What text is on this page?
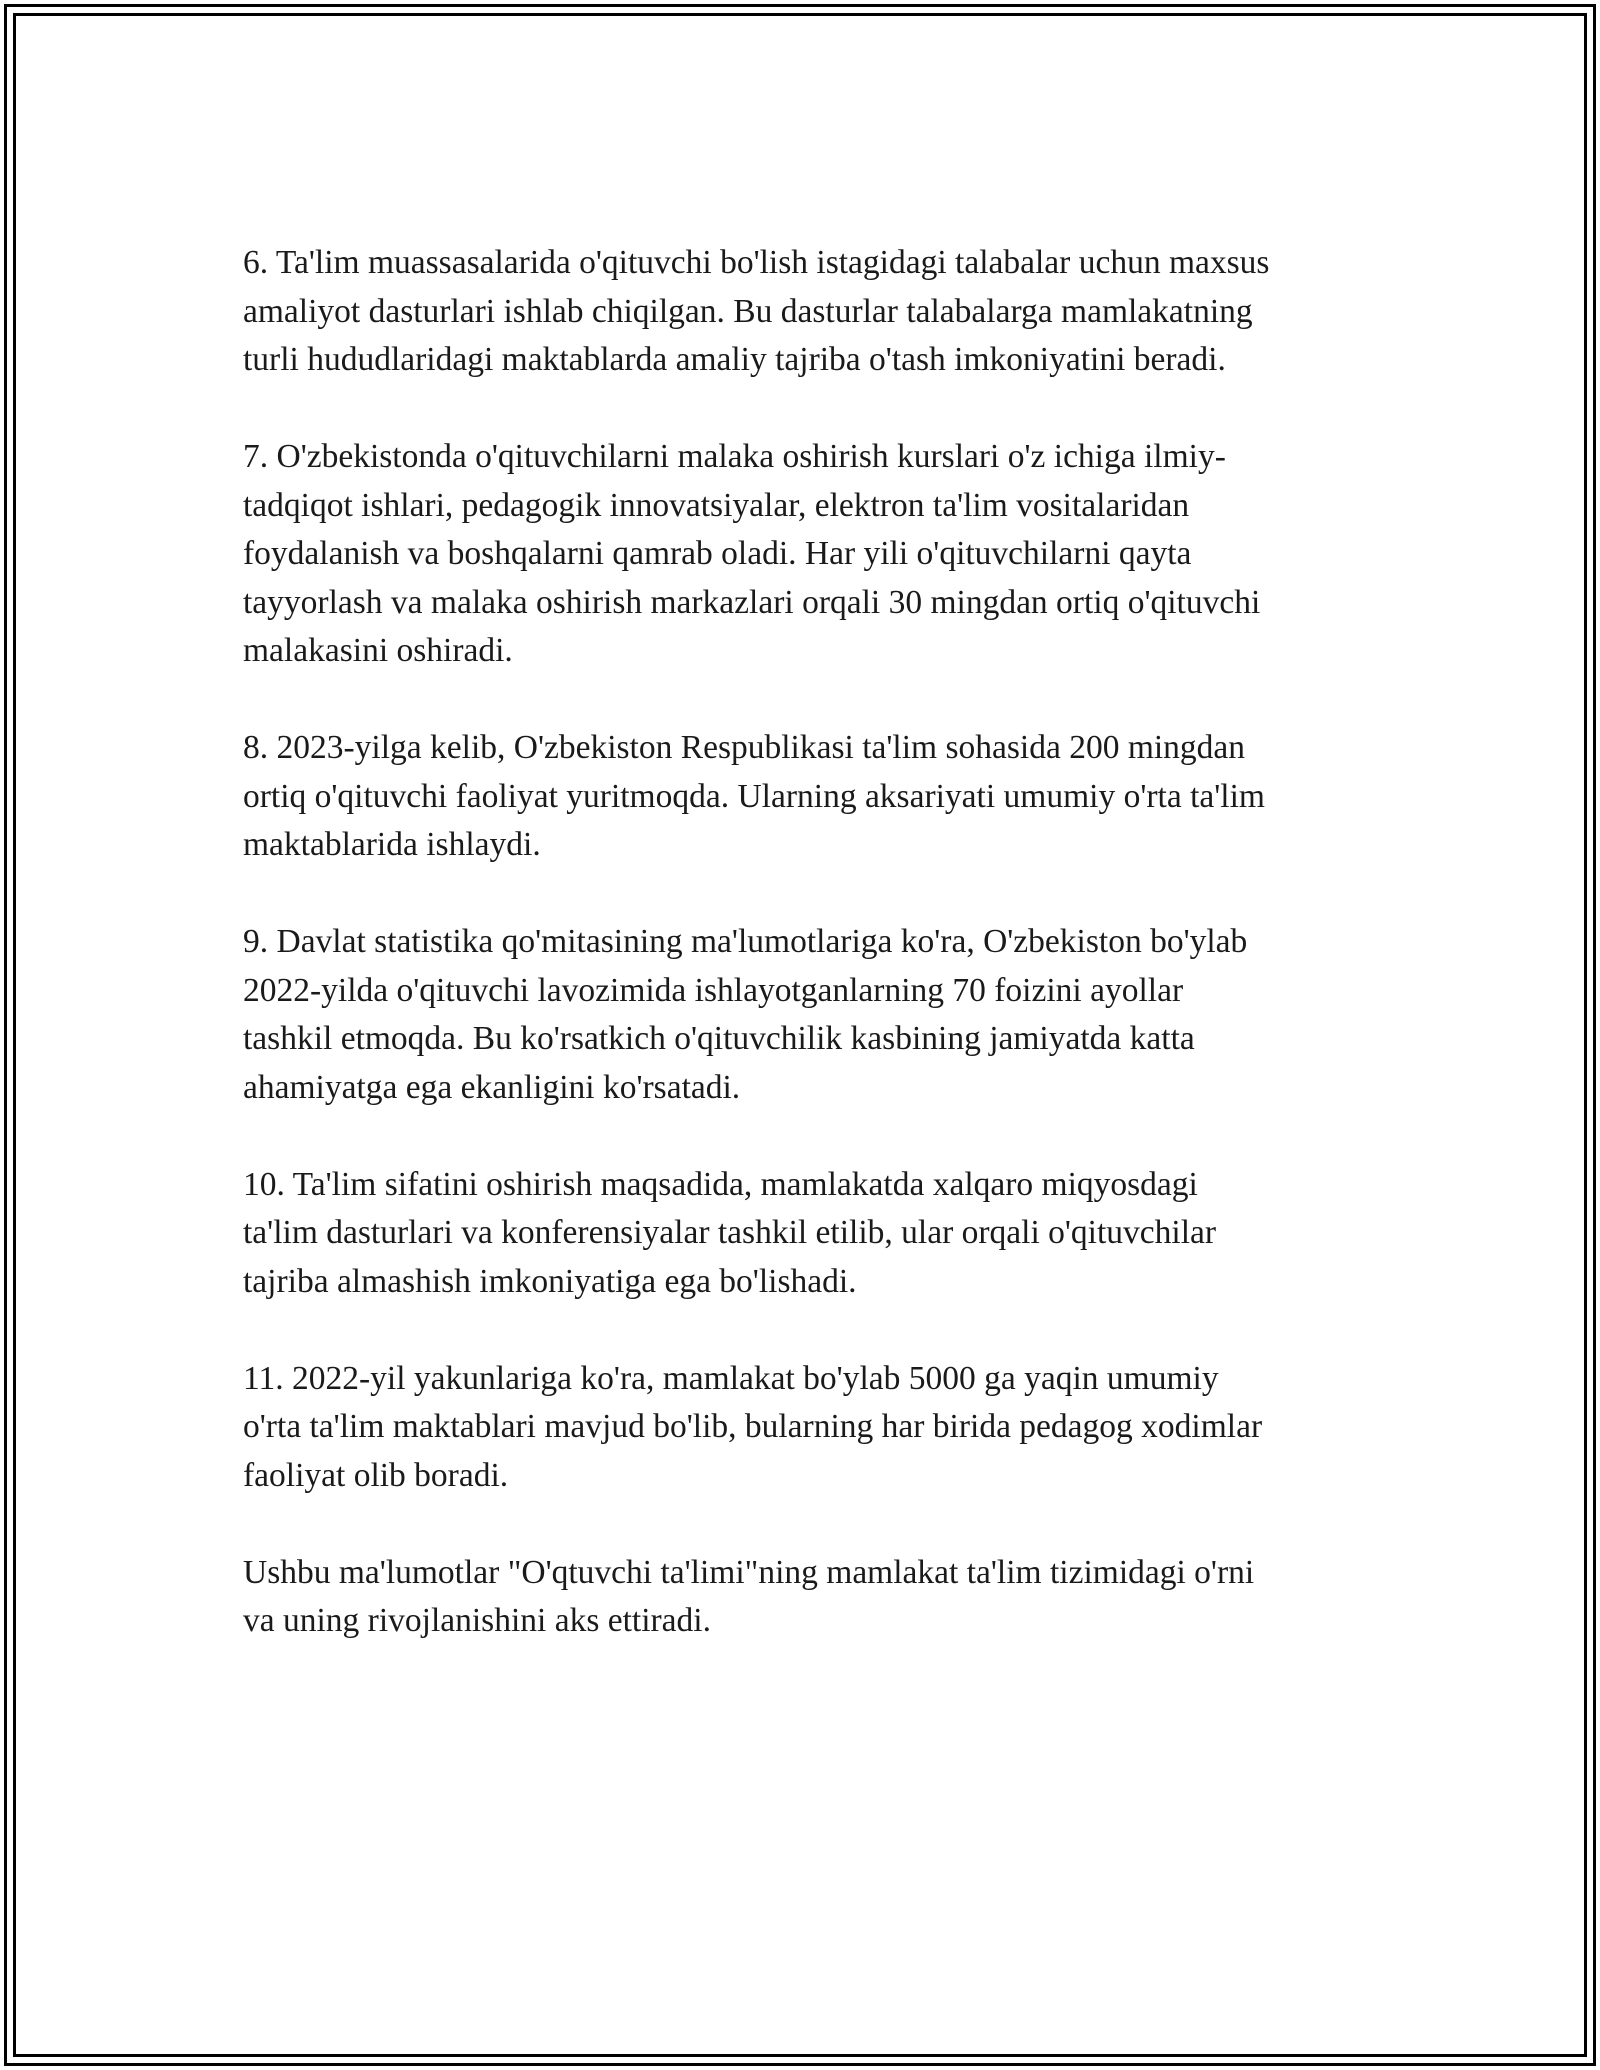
6. Ta'lim muassasalarida o'qituvchi bo'lish istagidagi talabalar uchun maxsus
amaliyot dasturlari ishlab chiqilgan. Bu dasturlar talabalarga mamlakatning
turli hududlaridagi maktablarda amaliy tajriba o'tash imkoniyatini beradi.

7. O'zbekistonda o'qituvchilarni malaka oshirish kurslari o'z ichiga ilmiy-
tadqiqot ishlari, pedagogik innovatsiyalar, elektron ta'lim vositalaridan
foydalanish va boshqalarni qamrab oladi. Har yili o'qituvchilarni qayta
tayyorlash va malaka oshirish markazlari orqali 30 mingdan ortiq o'qituvchi
malakasini oshiradi.

8. 2023-yilga kelib, O'zbekiston Respublikasi ta'lim sohasida 200 mingdan
ortiq o'qituvchi faoliyat yuritmoqda. Ularning aksariyati umumiy o'rta ta'lim
maktablarida ishlaydi.

9. Davlat statistika qo'mitasining ma'lumotlariga ko'ra, O'zbekiston bo'ylab
2022-yilda o'qituvchi lavozimida ishlayotganlarning 70 foizini ayollar
tashkil etmoqda. Bu ko'rsatkich o'qituvchilik kasbining jamiyatda katta
ahamiyatga ega ekanligini ko'rsatadi.

10. Ta'lim sifatini oshirish maqsadida, mamlakatda xalqaro miqyosdagi
ta'lim dasturlari va konferensiyalar tashkil etilib, ular orqali o'qituvchilar
tajriba almashish imkoniyatiga ega bo'lishadi.

11. 2022-yil yakunlariga ko'ra, mamlakat bo'ylab 5000 ga yaqin umumiy
o'rta ta'lim maktablari mavjud bo'lib, bularning har birida pedagog xodimlar
faoliyat olib boradi.

Ushbu ma'lumotlar "O'qtuvchi ta'limi"ning mamlakat ta'lim tizimidagi o'rni
va uning rivojlanishini aks ettiradi.
